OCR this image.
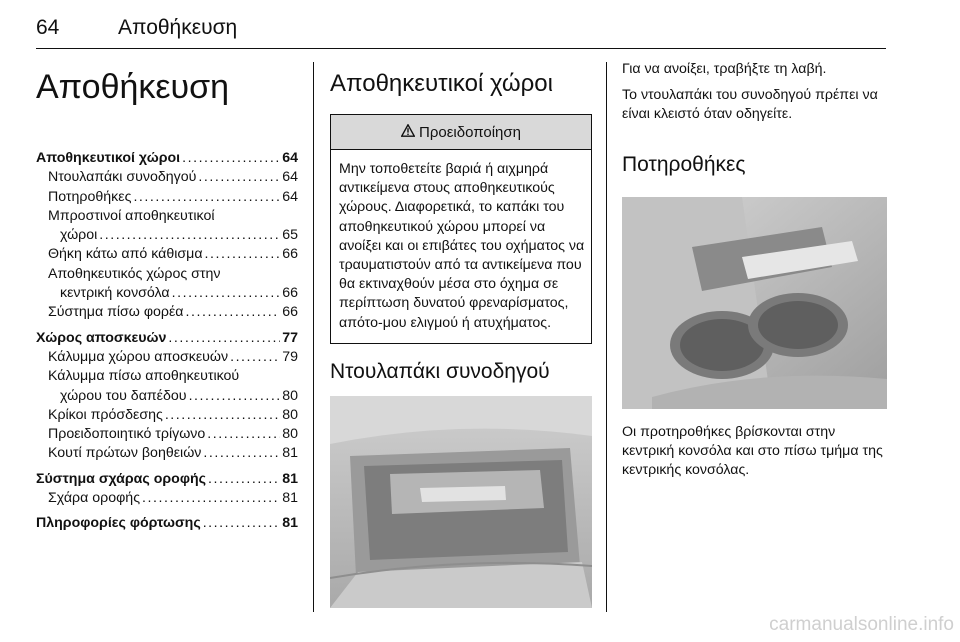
64	Αποθήκευση
Αποθήκευση
Αποθηκευτικοί χώροι . . .	64
Ντουλαπάκι συνοδηγού . . .	64
Ποτηροθήκες . . .	64
Μπροστινοί αποθηκευτικοί
χώροι . . .	65
Θήκη κάτω από κάθισμα . . .	66
Αποθηκευτικός χώρος στην
κεντρική κονσόλα . . .	66
Σύστημα πίσω φορέα . . .	66
Χώρος αποσκευών . . .	77
Κάλυμμα χώρου αποσκευών . . .	79
Κάλυμμα πίσω αποθηκευτικού
χώρου του δαπέδου . . .	80
Κρίκοι πρόσδεσης . . .	80
Προειδοποιητικό τρίγωνο . . .	80
Κουτί πρώτων βοηθειών . . .	81
Σύστημα σχάρας οροφής . . .	81
Σχάρα οροφής . . .	81
Πληροφορίες φόρτωσης . . .	81
Αποθηκευτικοί χώροι
Προειδοποίηση
Μην τοποθετείτε βαριά ή αιχμηρά αντικείμενα στους αποθηκευτικούς χώρους. Διαφορετικά, το καπάκι του αποθηκευτικού χώρου μπορεί να ανοίξει και οι επιβάτες του οχήματος να τραυματιστούν από τα αντικείμενα που θα εκτιναχθούν μέσα στο όχημα σε περίπτωση δυνατού φρεναρίσματος, απότο-μου ελιγμού ή ατυχήματος.
Ντουλαπάκι συνοδηγού

Για να ανοίξει, τραβήξτε τη λαβή.

Το ντουλαπάκι του συνοδηγού πρέπει να είναι κλειστό όταν οδηγείτε.

Ποτηροθήκες

Οι προτηροθήκες βρίσκονται στην κεντρική κονσόλα και στο πίσω τμήμα της κεντρικής κονσόλας.

carmanualsonline.info
